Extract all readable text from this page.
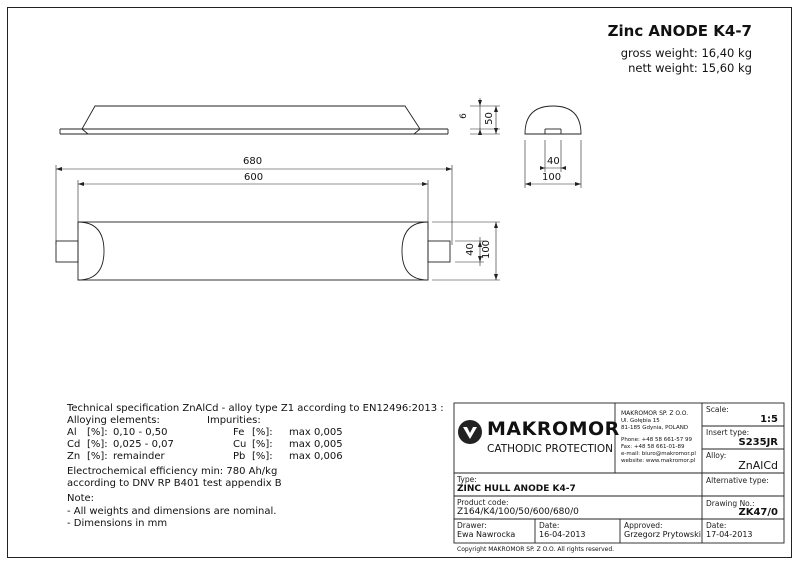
Zinc ANODE K4-7
gross weight: 16,40 kg
nett weight: 15,60 kg
6 50
680
600
40
100
40 100
Technical specification ZnAlCd - alloy type Z1 according to EN12496:2013 :
Alloying elements:	Impurities:
Al [%]: 0,10 - 0,50	Fe [%]: max 0,005
Cd [%]: 0,025 - 0,07	Cu [%]: max 0,005
Zn [%]: remainder	Pb [%]: max 0,006
Electrochemical efficiency min: 780 Ah/kg
according to DNV RP B401 test appendix B
Note:
- All weights and dimensions are nominal.
- Dimensions in mm
MAKROMOR
CATHODIC PROTECTION
MAKROMOR SP. Z O.O.
Ul. Gołębia 15
81-185 Gdynia, POLAND
Phone: +48 58 661-57 99
Fax: +48 58 661-01-89
e-mail: biuro@makromor.pl
website: www.makromor.pl
Scale:
1:5
Insert type:
S235JR
Alloy:
ZnAlCd
Alternative type:
Type:
ZINC HULL ANODE K4-7
Product code:
Z164/K4/100/50/600/680/0
Drawing No.:
ZK47/0
Drawer:
Ewa Nawrocka
Date:
16-04-2013
Approved:
Grzegorz Prytowski
Date:
17-04-2013
Copyright MAKROMOR SP. Z O.O. All rights reserved.
